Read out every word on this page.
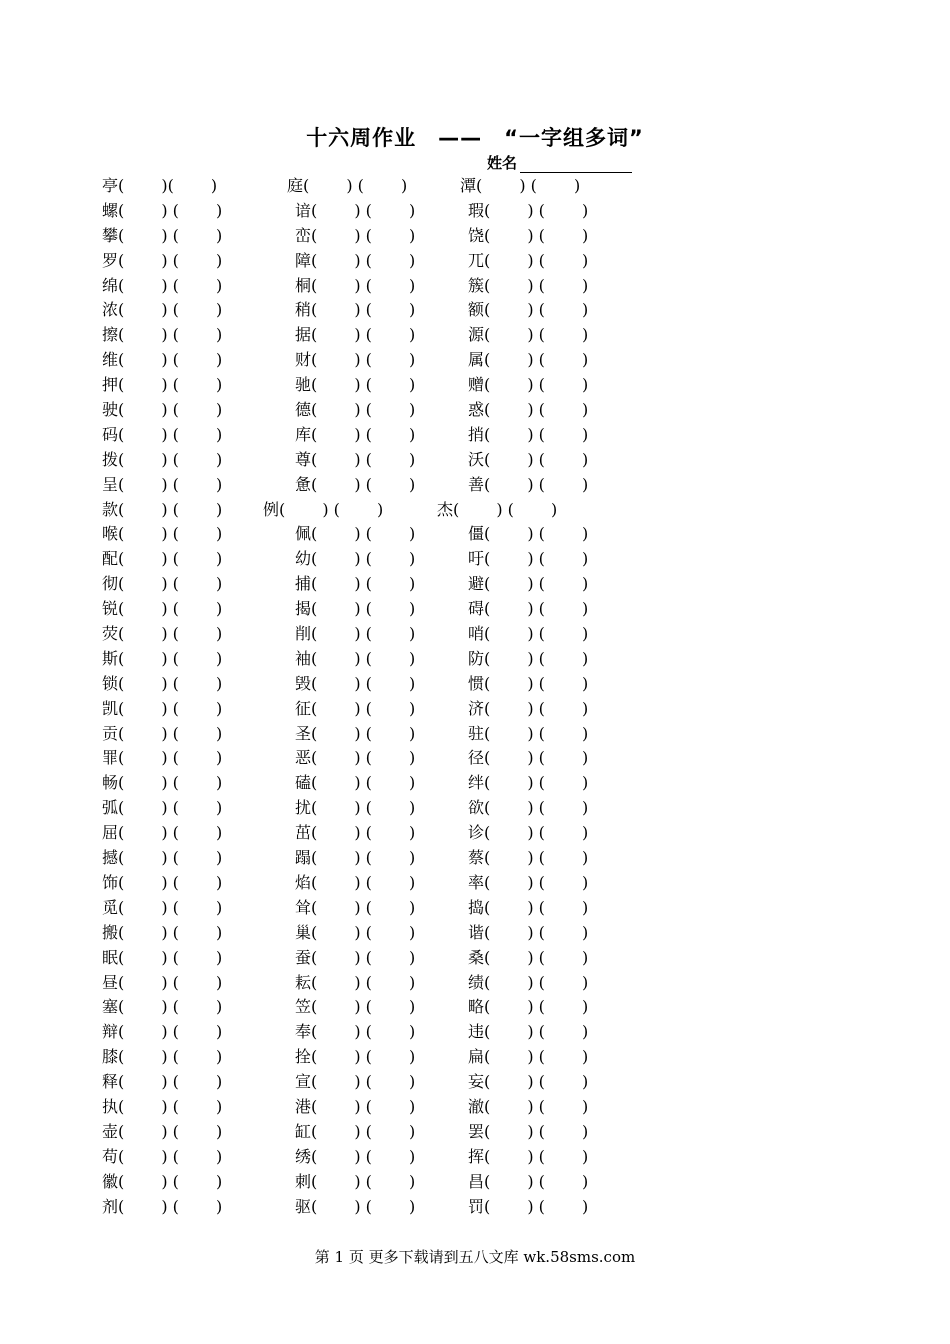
十六周作业　——　“一字组多词”
姓名
亭(　　 )(　　 )	庭(　　 ) (　　 )	潭(　　 ) (　　 )
螺(　　 ) (　　 )	谙(　　 ) (　　 )	瑕(　　 ) (　　 )
攀(　　 ) (　　 )	峦(　　 ) (　　 )	饶(　　 ) (　　 )
罗(　　 ) (　　 )	障(　　 ) (　　 )	兀(　　 ) (　　 )
绵(　　 ) (　　 )	桐(　　 ) (　　 )	簇(　　 ) (　　 )
浓(　　 ) (　　 )	稍(　　 ) (　　 )	额(　　 ) (　　 )
擦(　　 ) (　　 )	据(　　 ) (　　 )	源(　　 ) (　　 )
维(　　 ) (　　 )	财(　　 ) (　　 )	属(　　 ) (　　 )
押(　　 ) (　　 )	驰(　　 ) (　　 )	赠(　　 ) (　　 )
驶(　　 ) (　　 )	德(　　 ) (　　 )	惑(　　 ) (　　 )
码(　　 ) (　　 )	库(　　 ) (　　 )	捎(　　 ) (　　 )
拨(　　 ) (　　 )	尊(　　 ) (　　 )	沃(　　 ) (　　 )
呈(　　 ) (　　 )	惫(　　 ) (　　 )	善(　　 ) (　　 )
款(　　 ) (　　 )	例(　　 ) (　　 )	杰(　　 ) (　　 )
喉(　　 ) (　　 )	佩(　　 ) (　　 )	僵(　　 ) (　　 )
配(　　 ) (　　 )	幼(　　 ) (　　 )	吁(　　 ) (　　 )
彻(　　 ) (　　 )	捕(　　 ) (　　 )	避(　　 ) (　　 )
锐(　　 ) (　　 )	揭(　　 ) (　　 )	碍(　　 ) (　　 )
荧(　　 ) (　　 )	削(　　 ) (　　 )	哨(　　 ) (　　 )
斯(　　 ) (　　 )	袖(　　 ) (　　 )	防(　　 ) (　　 )
锁(　　 ) (　　 )	毁(　　 ) (　　 )	惯(　　 ) (　　 )
凯(　　 ) (　　 )	征(　　 ) (　　 )	济(　　 ) (　　 )
贡(　　 ) (　　 )	圣(　　 ) (　　 )	驻(　　 ) (　　 )
罪(　　 ) (　　 )	恶(　　 ) (　　 )	径(　　 ) (　　 )
畅(　　 ) (　　 )	磕(　　 ) (　　 )	绊(　　 ) (　　 )
弧(　　 ) (　　 )	扰(　　 ) (　　 )	欲(　　 ) (　　 )
屈(　　 ) (　　 )	茁(　　 ) (　　 )	诊(　　 ) (　　 )
撼(　　 ) (　　 )	蹋(　　 ) (　　 )	蔡(　　 ) (　　 )
饰(　　 ) (　　 )	焰(　　 ) (　　 )	率(　　 ) (　　 )
觅(　　 ) (　　 )	耸(　　 ) (　　 )	捣(　　 ) (　　 )
搬(　　 ) (　　 )	巢(　　 ) (　　 )	谐(　　 ) (　　 )
眠(　　 ) (　　 )	蚕(　　 ) (　　 )	桑(　　 ) (　　 )
昼(　　 ) (　　 )	耘(　　 ) (　　 )	绩(　　 ) (　　 )
塞(　　 ) (　　 )	笠(　　 ) (　　 )	略(　　 ) (　　 )
辩(　　 ) (　　 )	奉(　　 ) (　　 )	违(　　 ) (　　 )
膝(　　 ) (　　 )	拴(　　 ) (　　 )	扁(　　 ) (　　 )
释(　　 ) (　　 )	宣(　　 ) (　　 )	妄(　　 ) (　　 )
执(　　 ) (　　 )	港(　　 ) (　　 )	澈(　　 ) (　　 )
壶(　　 ) (　　 )	缸(　　 ) (　　 )	罢(　　 ) (　　 )
苟(　　 ) (　　 )	绣(　　 ) (　　 )	挥(　　 ) (　　 )
徽(　　 ) (　　 )	刺(　　 ) (　　 )	昌(　　 ) (　　 )
剂(　　 ) (　　 )	驱(　　 ) (　　 )	罚(　　 ) (　　 )
第 1 页 更多下载请到五八文库 wk.58sms.com
